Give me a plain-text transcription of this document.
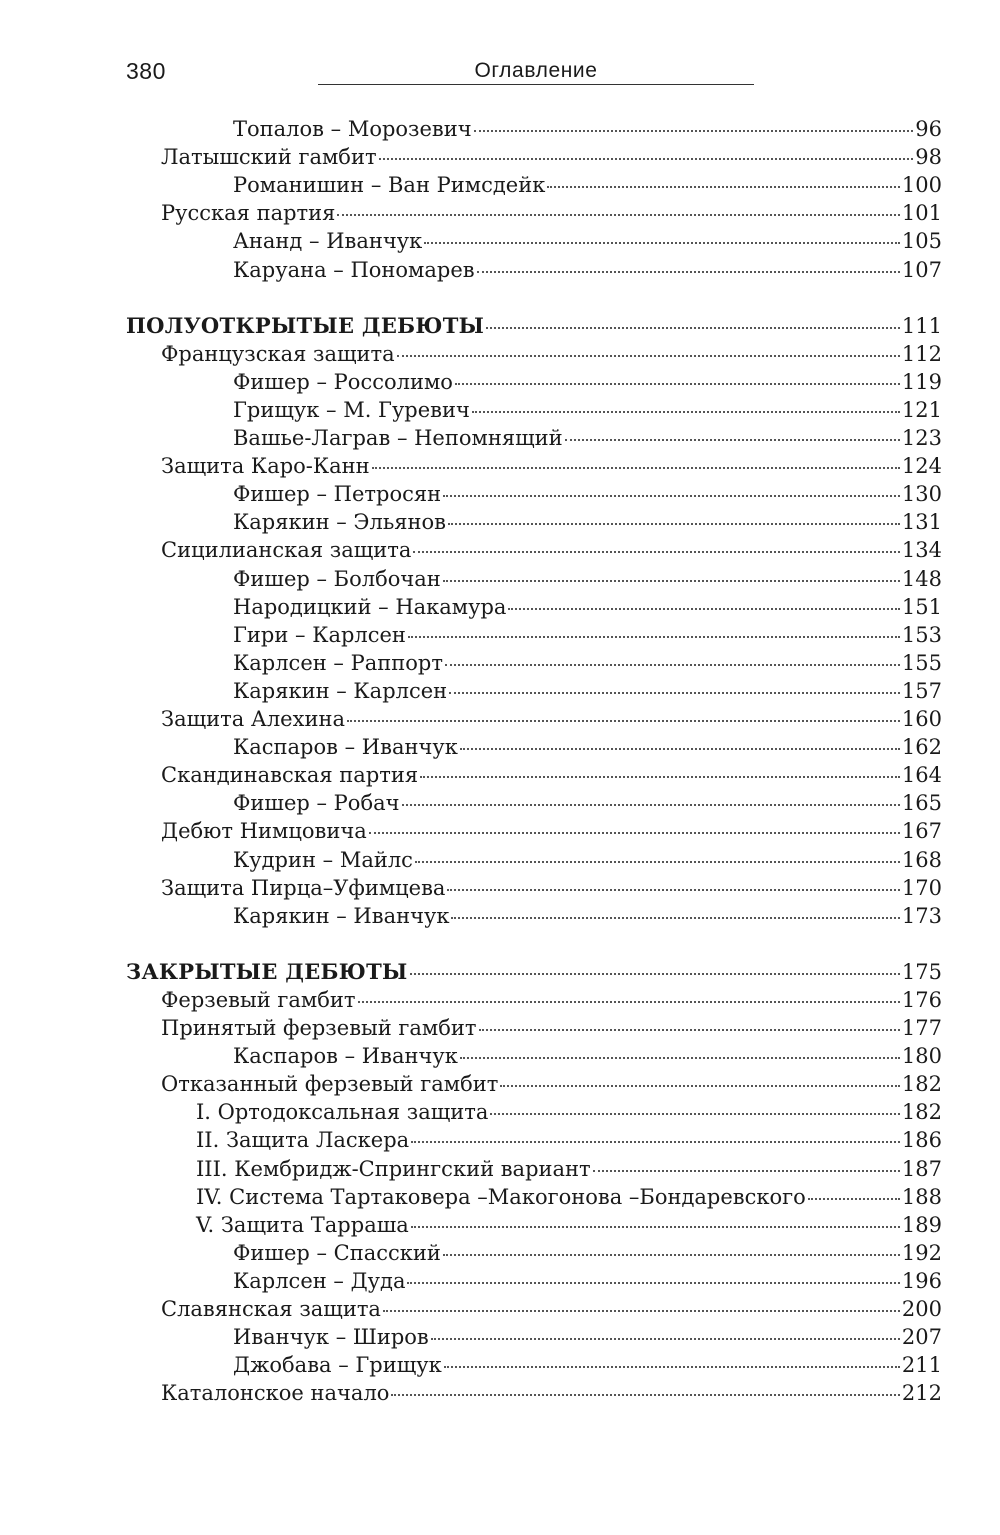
380	Оглавление
Топалов – Морозевич	96
Латышский гамбит	98
Романишин – Ван Римсдейк	100
Русская партия	101
Ананд – Иванчук	105
Каруана – Пономарев	107
ПОЛУОТКРЫТЫЕ ДЕБЮТЫ	111
Французская защита	112
Фишер – Россолимо	119
Грищук – М. Гуревич	121
Вашье-Лаграв – Непомнящий	123
Защита Каро-Канн	124
Фишер – Петросян	130
Карякин – Эльянов	131
Сицилианская защита	134
Фишер – Болбочан	148
Народицкий – Накамура	151
Гири – Карлсен	153
Карлсен – Раппорт	155
Карякин – Карлсен	157
Защита Алехина	160
Каспаров – Иванчук	162
Скандинавская партия	164
Фишер – Робач	165
Дебют Нимцовича	167
Кудрин – Майлс	168
Защита Пирца–Уфимцева	170
Карякин – Иванчук	173
ЗАКРЫТЫЕ ДЕБЮТЫ	175
Ферзевый гамбит	176
Принятый ферзевый гамбит	177
Каспаров – Иванчук	180
Отказанный ферзевый гамбит	182
I. Ортодоксальная защита	182
II. Защита Ласкера	186
III. Кембридж-Спрингский вариант	187
IV. Система Тартаковера –Макогонова –Бондаревского	188
V. Защита Тарраша	189
Фишер – Спасский	192
Карлсен – Дуда	196
Славянская защита	200
Иванчук – Широв	207
Джобава – Грищук	211
Каталонское начало	212
